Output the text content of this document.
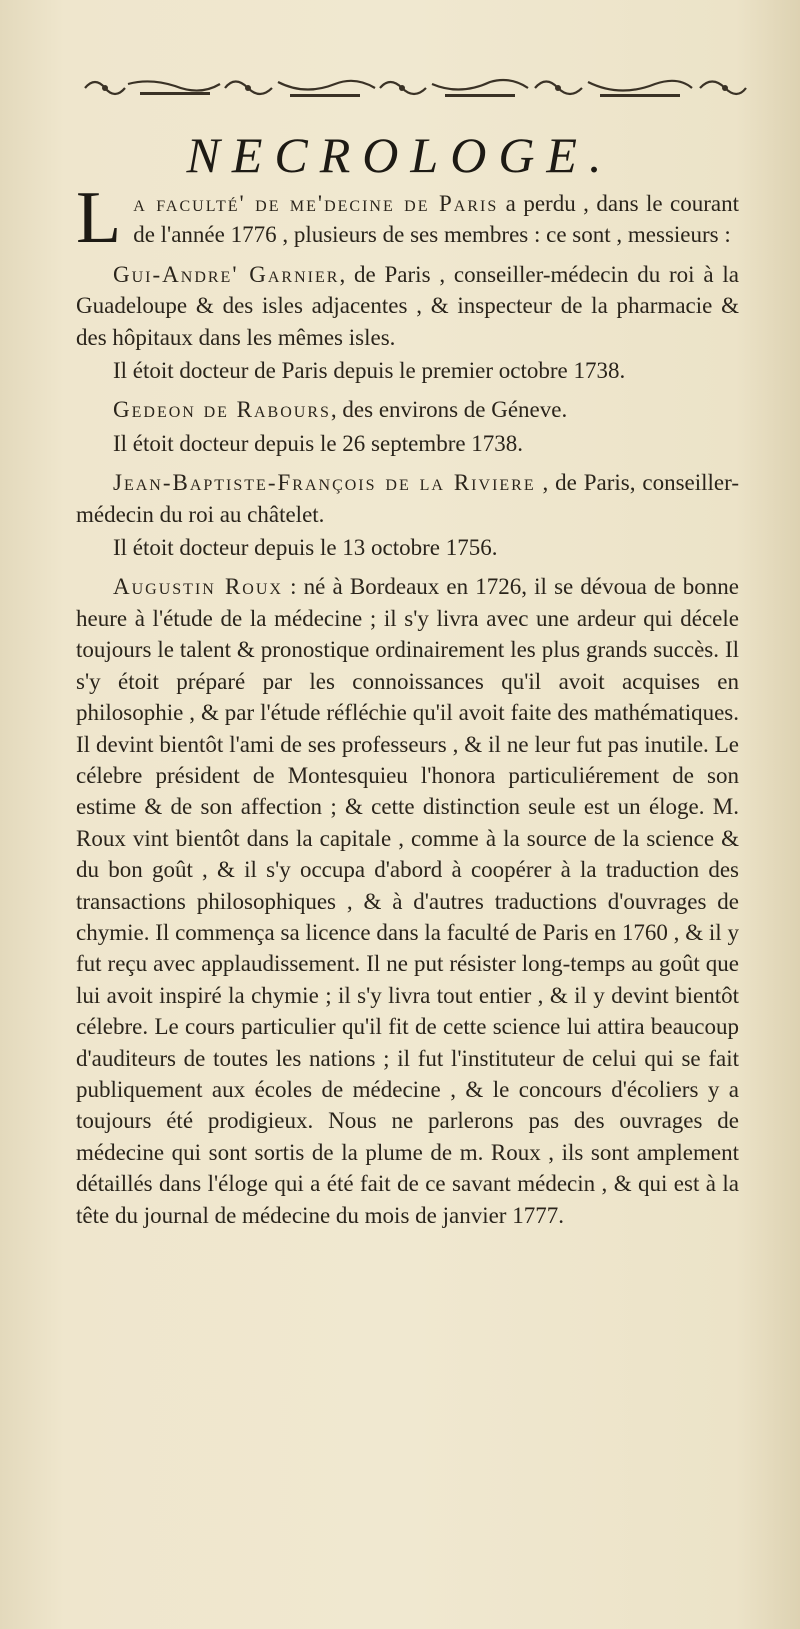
NECROLOGE.

La faculté' de me'decine de Paris a perdu , dans le courant de l'année 1776 , plusieurs de ses membres : ce sont , messieurs :

Gui-Andre' Garnier, de Paris , conseiller-médecin du roi à la Guadeloupe & des isles adjacentes , & inspecteur de la pharmacie & des hôpitaux dans les mêmes isles.

Il étoit docteur de Paris depuis le premier octobre 1738.

Gedeon de Rabours, des environs de Géneve.

Il étoit docteur depuis le 26 septembre 1738.

Jean-Baptiste-François de la Riviere , de Paris, conseiller-médecin du roi au châtelet.

Il étoit docteur depuis le 13 octobre 1756.

Augustin Roux : né à Bordeaux en 1726, il se dévoua de bonne heure à l'étude de la médecine ; il s'y livra avec une ardeur qui décele toujours le talent & pronostique ordinairement les plus grands succès. Il s'y étoit préparé par les connoissances qu'il avoit acquises en philosophie , & par l'étude réfléchie qu'il avoit faite des mathématiques. Il devint bientôt l'ami de ses professeurs , & il ne leur fut pas inutile. Le célebre président de Montesquieu l'honora particuliérement de son estime & de son affection ; & cette distinction seule est un éloge. M. Roux vint bientôt dans la capitale , comme à la source de la science & du bon goût , & il s'y occupa d'abord à coopérer à la traduction des transactions philosophiques , & à d'autres traductions d'ouvrages de chymie. Il commença sa licence dans la faculté de Paris en 1760 , & il y fut reçu avec applaudissement. Il ne put résister long-temps au goût que lui avoit inspiré la chymie ; il s'y livra tout entier , & il y devint bientôt célebre. Le cours particulier qu'il fit de cette science lui attira beaucoup d'auditeurs de toutes les nations ; il fut l'instituteur de celui qui se fait publiquement aux écoles de médecine , & le concours d'écoliers y a toujours été prodigieux. Nous ne parlerons pas des ouvrages de médecine qui sont sortis de la plume de m. Roux , ils sont amplement détaillés dans l'éloge qui a été fait de ce savant médecin , & qui est à la tête du journal de médecine du mois de janvier 1777.
